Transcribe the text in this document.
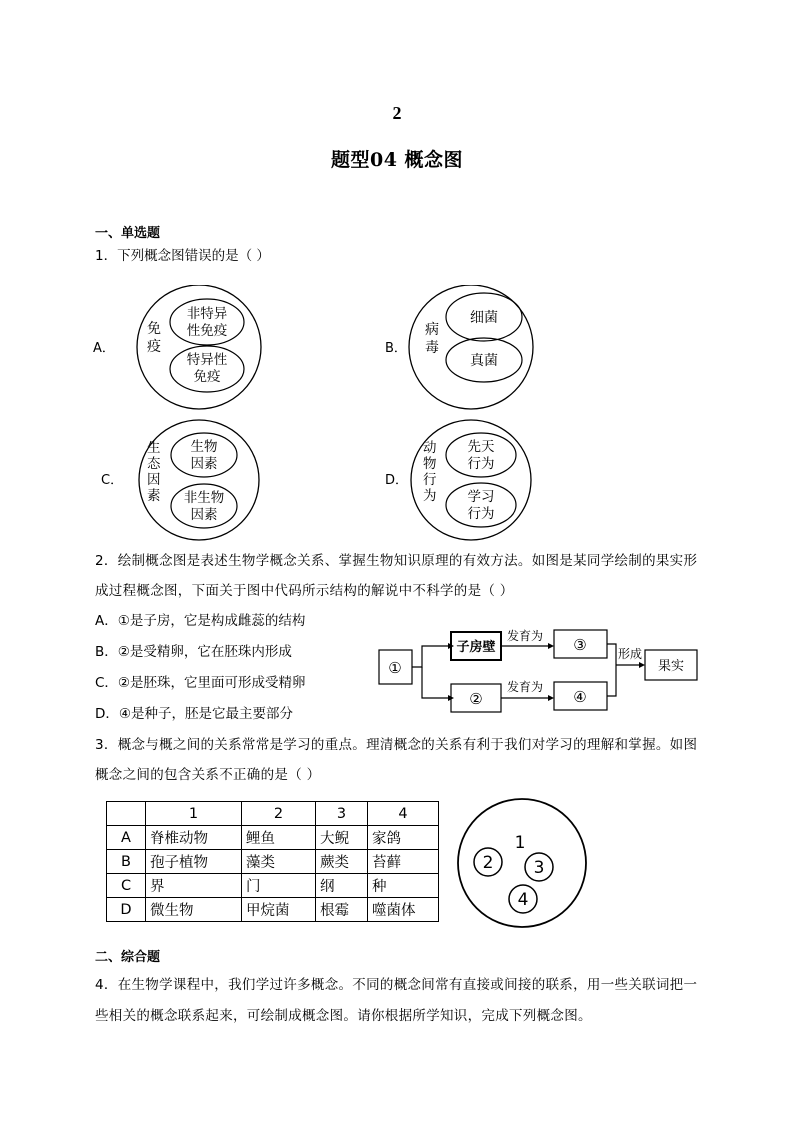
2
题型04 概念图
一、单选题
1．下列概念图错误的是（ ）
A．
免
疫
非特异
性免疫
特异性
免疫
B．
病
毒
细菌
真菌
C．
生
态
因
素
生物
因素
非生物
因素
D．
动
物
行
为
先天
行为
学习
行为
2．绘制概念图是表述生物学概念关系、掌握生物知识原理的有效方法。如图是某同学绘制的果实形
成过程概念图，下面关于图中代码所示结构的解说中不科学的是（ ）
A．①是子房，它是构成雌蕊的结构
B．②是受精卵，它在胚珠内形成
C．②是胚珠，它里面可形成受精卵
D．④是种子，胚是它最主要部分
①
子房壁	③
②	④
发育为
发育为
形成
果实
3．概念与概之间的关系常常是学习的重点。理清概念的关系有利于我们对学习的理解和掌握。如图
概念之间的包含关系不正确的是（ ）
	1	2	3	4
A	脊椎动物	鲤鱼	大鲵	家鸽
B	孢子植物	藻类	蕨类	苔藓
C	界	门	纲	种
D	微生物	甲烷菌	根霉	噬菌体
1
2 3
4
二、综合题
4．在生物学课程中，我们学过许多概念。不同的概念间常有直接或间接的联系，用一些关联词把一
些相关的概念联系起来，可绘制成概念图。请你根据所学知识，完成下列概念图。
